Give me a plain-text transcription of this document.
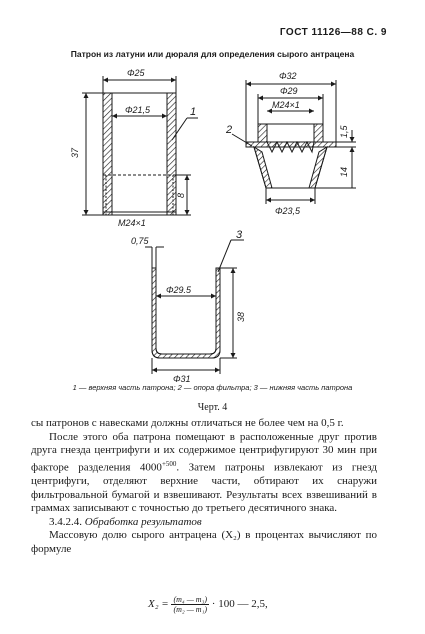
ГОСТ 11126—88 С. 9
Патрон из латуни или дюраля для определения сырого антрацена
Φ25
Φ21,5
37
8
М24×1
1
Φ32
Φ29
М24×1
1,5
14
Φ23,5
2
0,75
Φ29.5
Φ31
38
3
1 — верхняя часть патрона; 2 — опора фильтра; 3 — нижняя часть патрона
Черт. 4

сы патронов с навесками должны отличаться не более чем на 0,5 г.

После этого оба патрона помещают в расположенные друг против друга гнезда центрифуги и их содержимое центрифугируют 30 мин при факторе разделения $4000^{+500}$. Затем патроны извлекают из гнезд центрифуги, отделяют верхние части, обтирают их снаружи фильтровальной бумагой и взвешивают. Результаты всех взвешиваний в граммах записывают с точностью до третьего десятичного знака.

3.4.2.4. Обработка результатов

Массовую долю сырого антрацена (X₂) в процентах вычисляют по формуле

$X_2 = \frac{\text{(m₄ — m₃)}}{\text{(m₂ — m₁)}} \cdot 100$ — 2,5,
